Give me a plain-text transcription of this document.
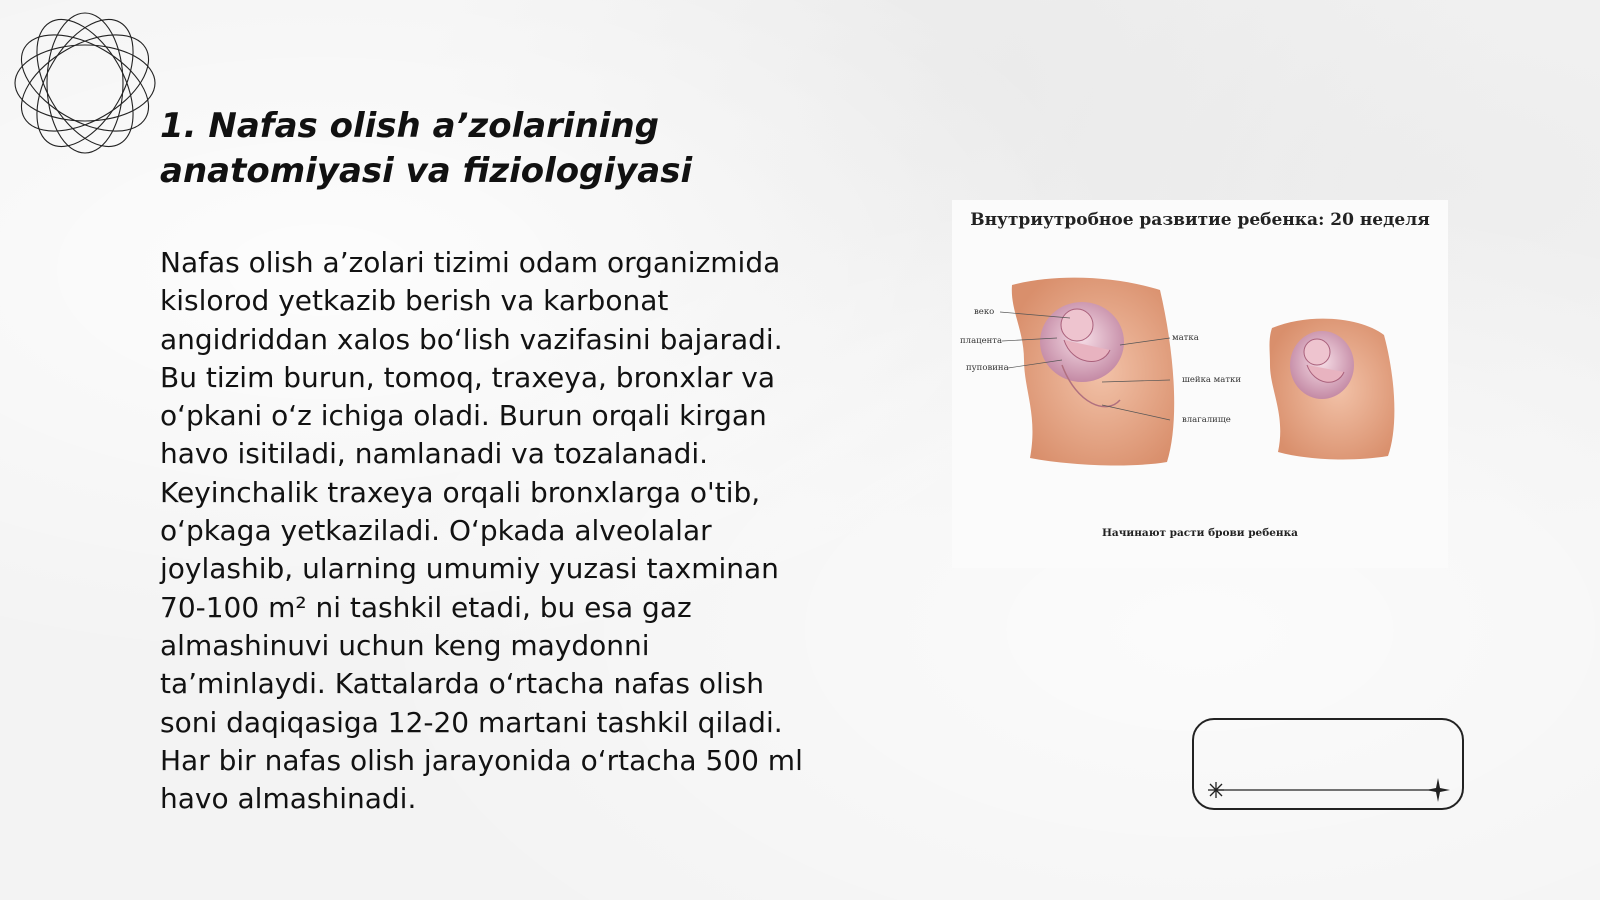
1. Nafas olish a’zolarining
anatomiyasi va fiziologiyasi
Nafas olish a’zolari tizimi odam organizmida
kislorod yetkazib berish va karbonat
angidriddan xalos bo‘lish vazifasini bajaradi.
Bu tizim burun, tomoq, traxeya, bronxlar va
o‘pkani o‘z ichiga oladi. Burun orqali kirgan
havo isitiladi, namlanadi va tozalanadi.
Keyinchalik traxeya orqali bronxlarga o'tib,
o‘pkaga yetkaziladi. O‘pkada alveolalar
joylashib, ularning umumiy yuzasi taxminan
70-100 m² ni tashkil etadi, bu esa gaz
almashinuvi uchun keng maydonni
ta’minlaydi. Kattalarda o‘rtacha nafas olish
soni daqiqasiga 12-20 martani tashkil qiladi.
Har bir nafas olish jarayonida o‘rtacha 500 ml
havo almashinadi.
Внутриутробное развитие ребенка: 20 неделя
веко
плацента
пуповина
матка
шейка матки
влагалище
Начинают расти брови ребенка
